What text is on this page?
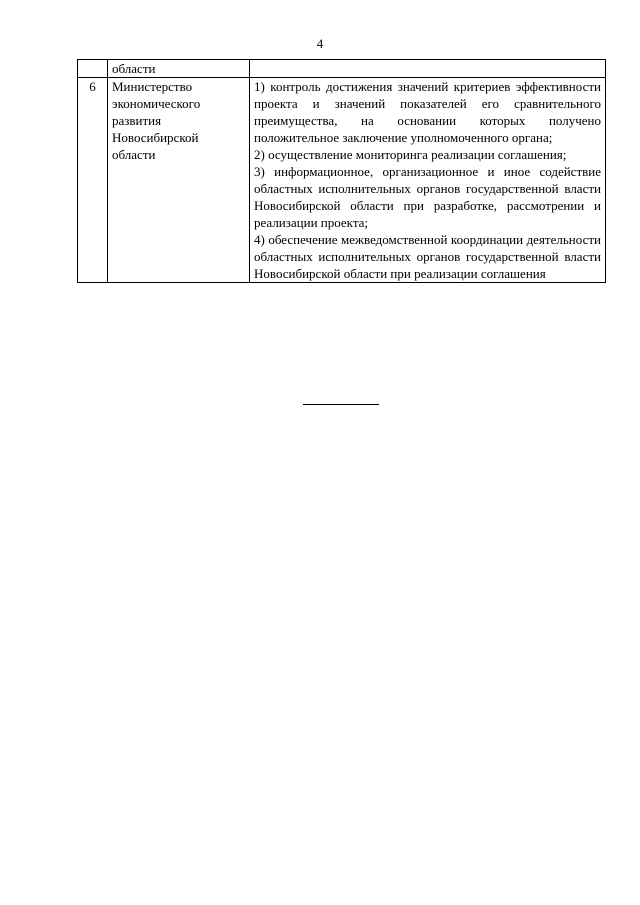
4
	области	
6	Министерство экономического развития Новосибирской области	1) контроль достижения значений критериев эффективности проекта и значений показателей его сравнительного преимущества, на основании которых получено положительное заключение уполномоченного органа;
2) осуществление мониторинга реализации соглашения;
3) информационное, организационное и иное содействие областных исполнительных органов государственной власти Новосибирской области при разработке, рассмотрении и реализации проекта;
4) обеспечение межведомственной координации деятельности областных исполнительных органов государственной власти Новосибирской области при реализации соглашения
